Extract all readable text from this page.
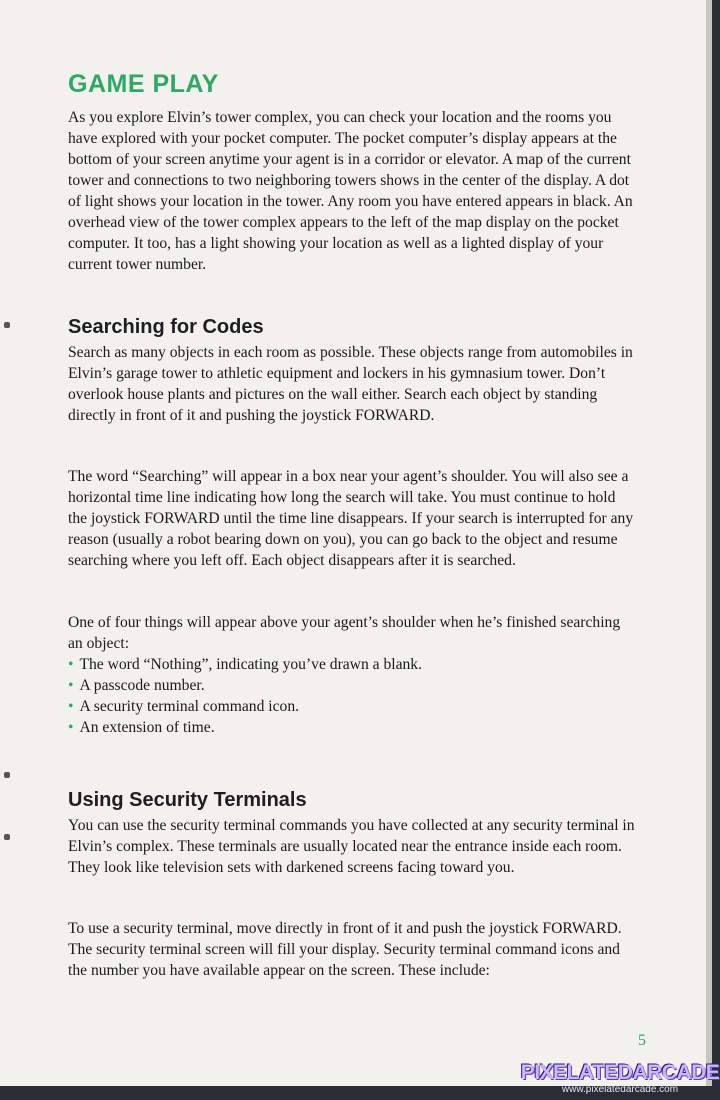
GAME PLAY

As you explore Elvin’s tower complex, you can check your location and the rooms you have explored with your pocket computer. The pocket computer’s display appears at the bottom of your screen anytime your agent is in a corridor or elevator. A map of the current tower and connections to two neighboring towers shows in the center of the display. A dot of light shows your location in the tower. Any room you have entered appears in black. An overhead view of the tower complex appears to the left of the map display on the pocket computer. It too, has a light showing your location as well as a lighted display of your current tower number.

Searching for Codes

Search as many objects in each room as possible. These objects range from automobiles in Elvin’s garage tower to athletic equipment and lockers in his gymnasium tower. Don’t overlook house plants and pictures on the wall either. Search each object by standing directly in front of it and pushing the joystick FORWARD.

The word “Searching” will appear in a box near your agent’s shoulder. You will also see a horizontal time line indicating how long the search will take. You must continue to hold the joystick FORWARD until the time line disappears. If your search is interrupted for any reason (usually a robot bearing down on you), you can go back to the object and resume searching where you left off. Each object disappears after it is searched.

One of four things will appear above your agent’s shoulder when he’s finished searching an object:

• The word “Nothing”, indicating you’ve drawn a blank.
• A passcode number.
• A security terminal command icon.
• An extension of time.
Using Security Terminals

You can use the security terminal commands you have collected at any security terminal in Elvin’s complex. These terminals are usually located near the entrance inside each room. They look like television sets with darkened screens facing toward you.

To use a security terminal, move directly in front of it and push the joystick FORWARD. The security terminal screen will fill your display. Security terminal command icons and the number you have available appear on the screen. These include:

5
PIXELATEDARCADE
www.pixelatedarcade.com
